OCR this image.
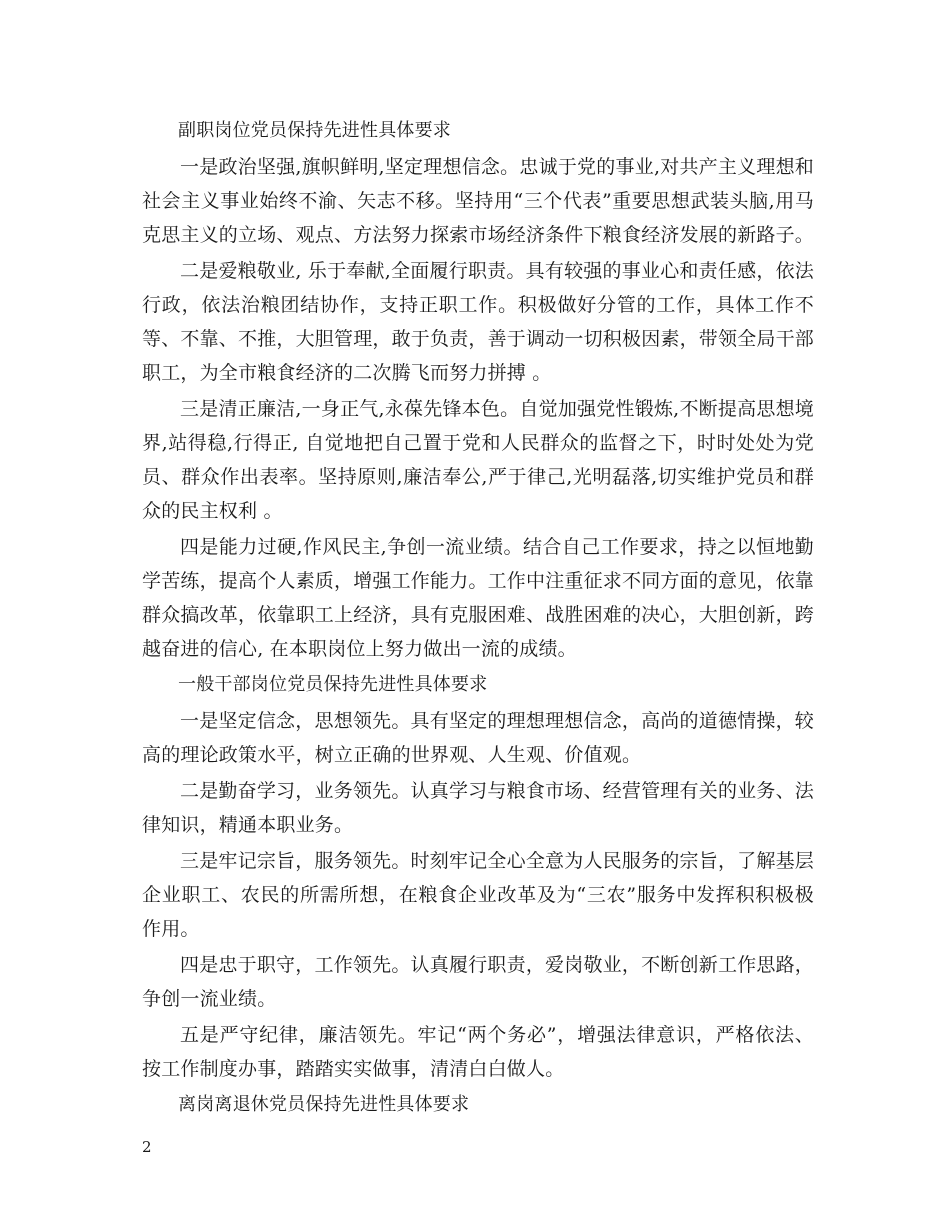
副职岗位党员保持先进性具体要求

一是政治坚强,旗帜鲜明,坚定理想信念。忠诚于党的事业,对共产主义理想和社会主义事业始终不渝、矢志不移。坚持用“三个代表”重要思想武装头脑,用马克思主义的立场、观点、方法努力探索市场经济条件下粮食经济发展的新路子。

二是爱粮敬业, 乐于奉献,全面履行职责。具有较强的事业心和责任感，依法行政，依法治粮团结协作，支持正职工作。积极做好分管的工作，具体工作不等、不靠、不推，大胆管理，敢于负责，善于调动一切积极因素，带领全局干部职工，为全市粮食经济的二次腾飞而努力拼搏 。

三是清正廉洁,一身正气,永葆先锋本色。自觉加强党性锻炼,不断提高思想境界,站得稳,行得正, 自觉地把自己置于党和人民群众的监督之下，时时处处为党员、群众作出表率。坚持原则,廉洁奉公,严于律己,光明磊落,切实维护党员和群众的民主权利 。

四是能力过硬,作风民主,争创一流业绩。结合自己工作要求，持之以恒地勤学苦练，提高个人素质，增强工作能力。工作中注重征求不同方面的意见，依靠群众搞改革，依靠职工上经济，具有克服困难、战胜困难的决心，大胆创新，跨越奋进的信心, 在本职岗位上努力做出一流的成绩。

一般干部岗位党员保持先进性具体要求

一是坚定信念，思想领先。具有坚定的理想理想信念，高尚的道德情操，较高的理论政策水平，树立正确的世界观、人生观、价值观。

二是勤奋学习，业务领先。认真学习与粮食市场、经营管理有关的业务、法律知识，精通本职业务。

三是牢记宗旨，服务领先。时刻牢记全心全意为人民服务的宗旨，了解基层企业职工、农民的所需所想，在粮食企业改革及为“三农”服务中发挥积积极极作用。

四是忠于职守，工作领先。认真履行职责，爱岗敬业，不断创新工作思路，争创一流业绩。

五是严守纪律，廉洁领先。牢记“两个务必”，增强法律意识，严格依法、按工作制度办事，踏踏实实做事，清清白白做人。

离岗离退休党员保持先进性具体要求

2
